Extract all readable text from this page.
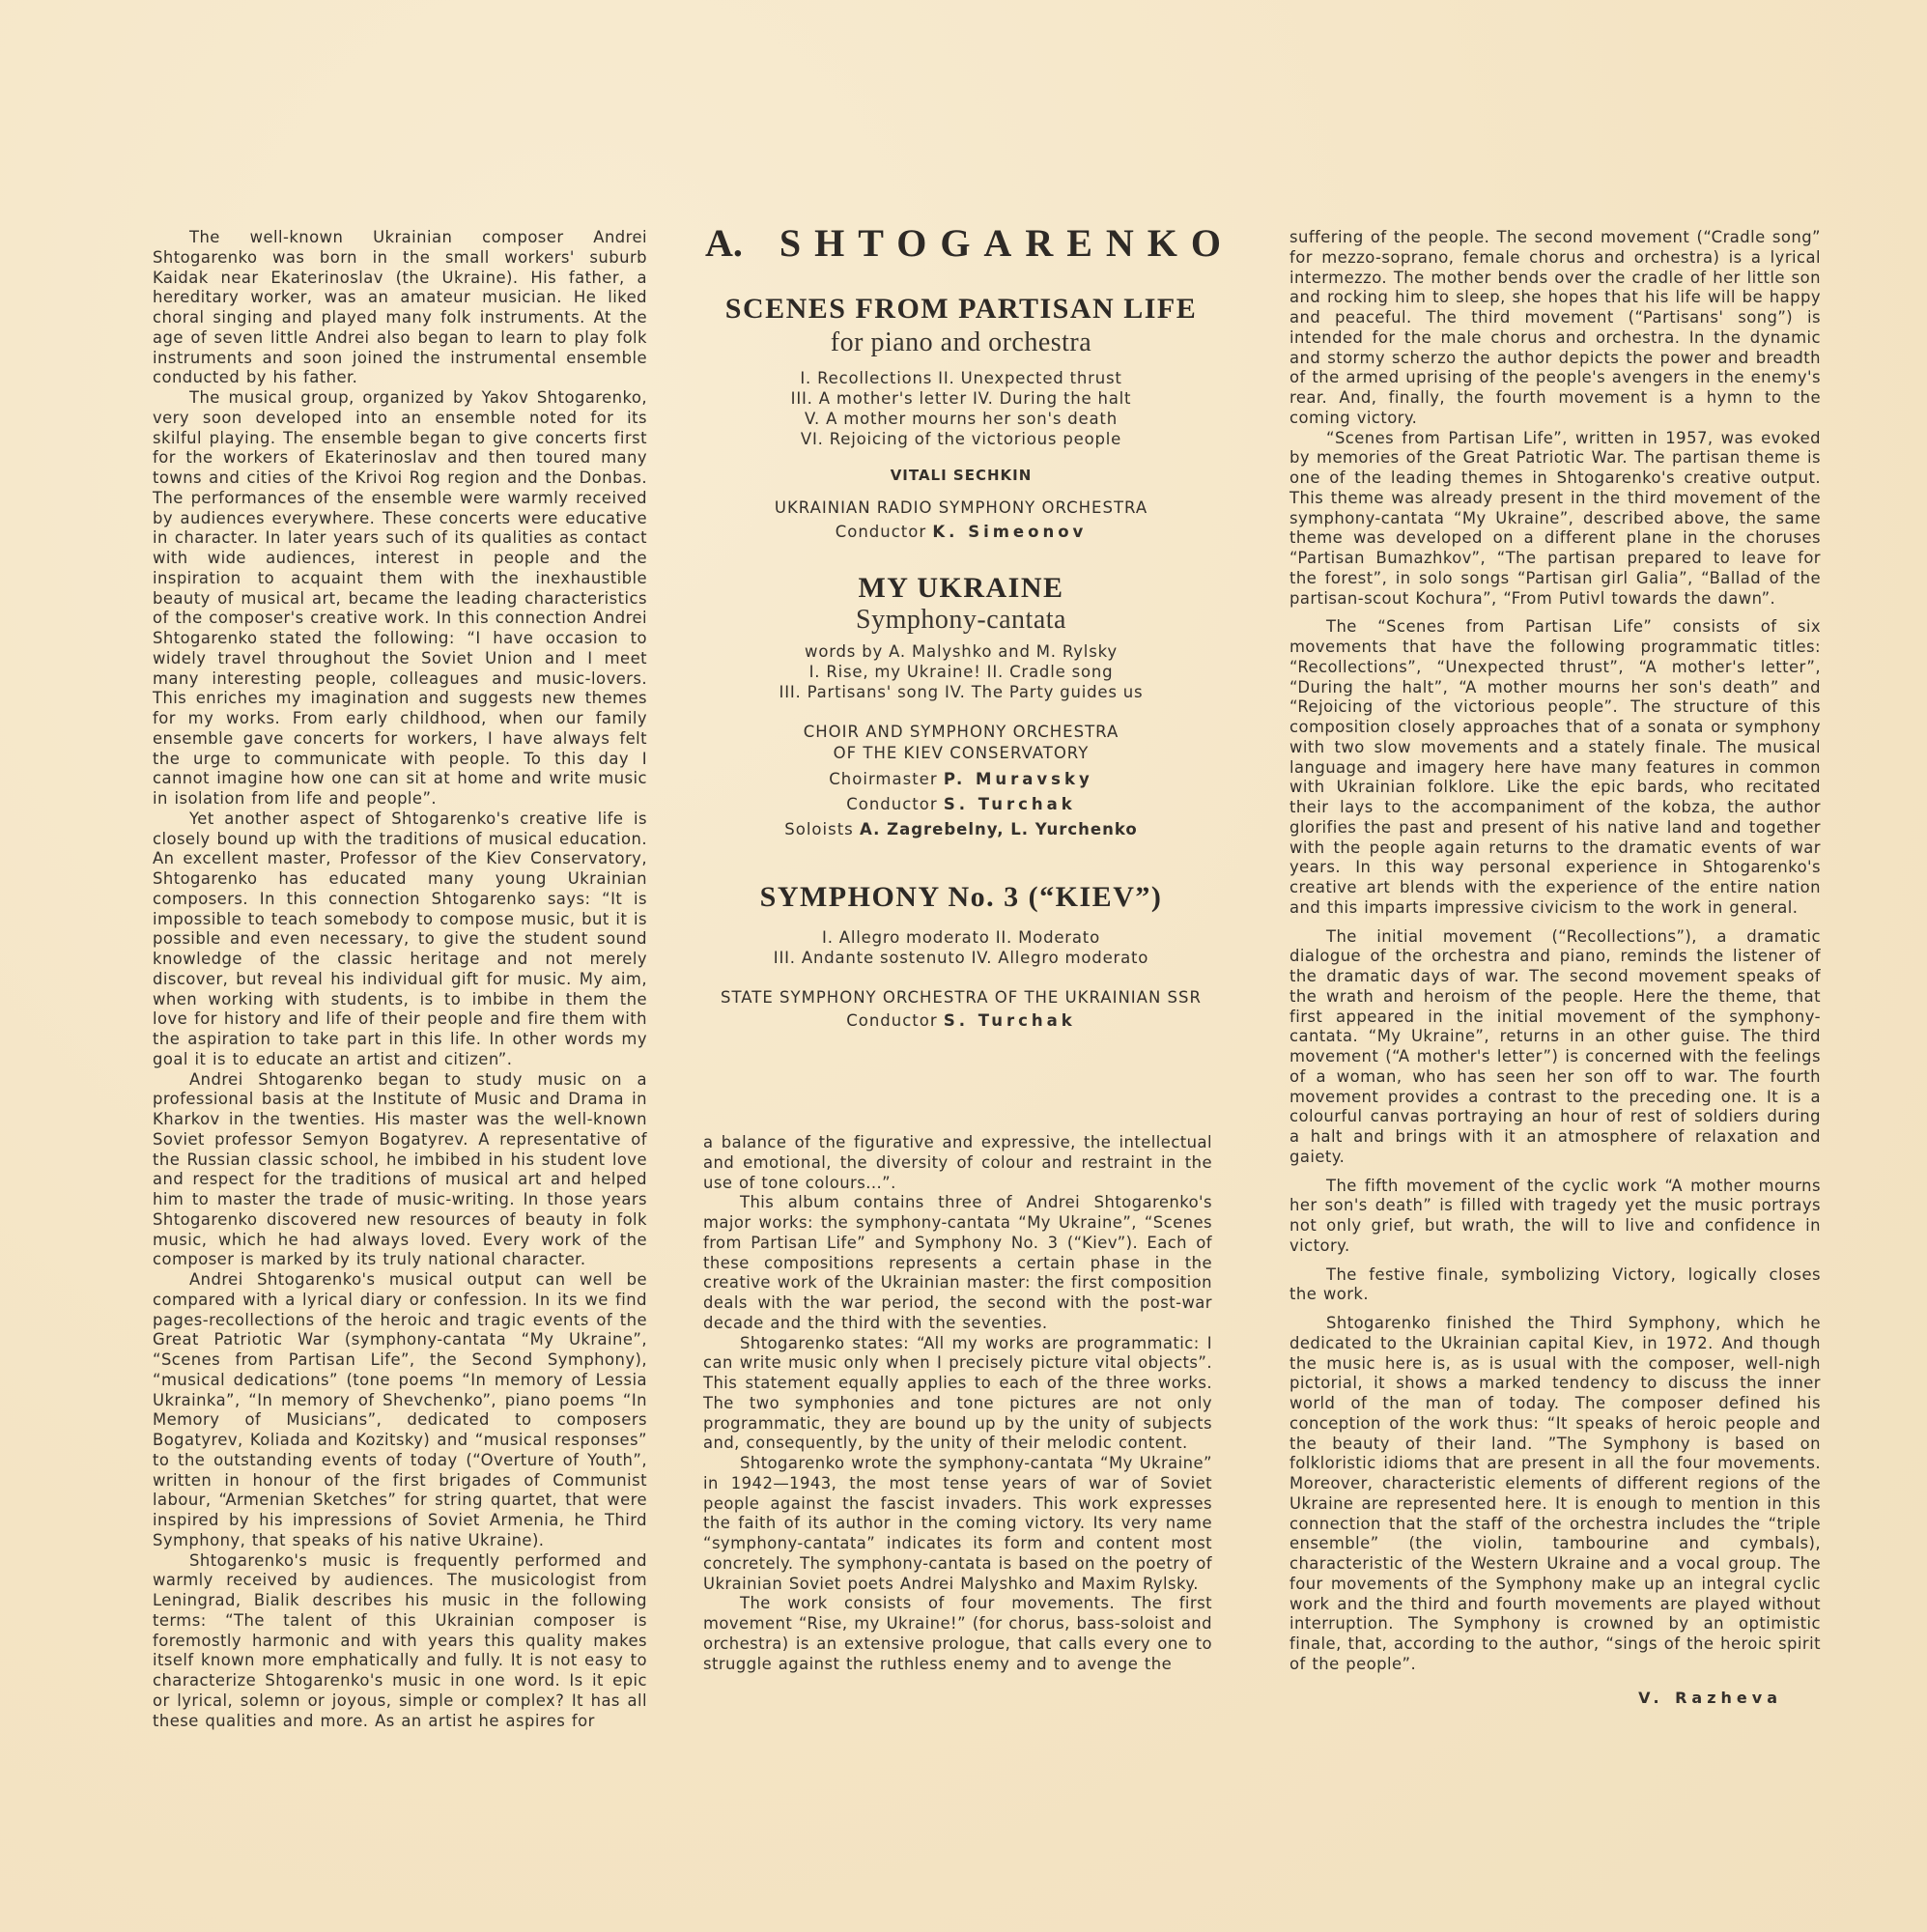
The well-known Ukrainian composer Andrei Shtogarenko was born in the small workers' suburb Kaidak near Ekaterinoslav (the Ukraine). His father, a hereditary worker, was an amateur musician. He liked choral singing and played many folk instruments. At the age of seven little Andrei also began to learn to play folk instruments and soon joined the instrumental ensemble conducted by his father.

The musical group, organized by Yakov Shtogarenko, very soon developed into an ensemble noted for its skilful playing. The ensemble began to give concerts first for the workers of Ekaterinoslav and then toured many towns and cities of the Krivoi Rog region and the Donbas. The performances of the ensemble were warmly received by audiences everywhere. These concerts were educative in character. In later years such of its qualities as contact with wide audiences, interest in people and the inspiration to acquaint them with the inexhaustible beauty of musical art, became the leading characteristics of the composer's creative work. In this connection Andrei Shtogarenko stated the following: “I have occasion to widely travel throughout the Soviet Union and I meet many interesting people, colleagues and music-lovers. This enriches my imagination and suggests new themes for my works. From early childhood, when our family ensemble gave concerts for workers, I have always felt the urge to communicate with people. To this day I cannot imagine how one can sit at home and write music in isolation from life and people”.

Yet another aspect of Shtogarenko's creative life is closely bound up with the traditions of musical education. An excellent master, Professor of the Kiev Conservatory, Shtogarenko has educated many young Ukrainian composers. In this connection Shtogarenko says: “It is impossible to teach somebody to compose music, but it is possible and even necessary, to give the student sound knowledge of the classic heritage and not merely discover, but reveal his individual gift for music. My aim, when working with students, is to imbibe in them the love for history and life of their people and fire them with the aspiration to take part in this life. In other words my goal it is to educate an artist and citizen”.

Andrei Shtogarenko began to study music on a professional basis at the Institute of Music and Drama in Kharkov in the twenties. His master was the well-known Soviet professor Semyon Bogatyrev. A representative of the Russian classic school, he imbibed in his student love and respect for the traditions of musical art and helped him to master the trade of music-writing. In those years Shtogarenko discovered new resources of beauty in folk music, which he had always loved. Every work of the composer is marked by its truly national character.

Andrei Shtogarenko's musical output can well be compared with a lyrical diary or confession. In its we find pages-recollections of the heroic and tragic events of the Great Patriotic War (symphony-cantata “My Ukraine”, “Scenes from Partisan Life”, the Second Symphony), “musical dedications” (tone poems “In memory of Lessia Ukrainka”, “In memory of Shevchenko”, piano poems “In Memory of Musicians”, dedicated to composers Bogatyrev, Koliada and Kozitsky) and “musical responses” to the outstanding events of today (“Overture of Youth”, written in honour of the first brigades of Communist labour, “Armenian Sketches” for string quartet, that were inspired by his impressions of Soviet Armenia, he Third Symphony, that speaks of his native Ukraine).

Shtogarenko's music is frequently performed and warmly received by audiences. The musicologist from Leningrad, Bialik describes his music in the following terms: “The talent of this Ukrainian composer is foremostly harmonic and with years this quality makes itself known more emphatically and fully. It is not easy to characterize Shtogarenko's music in one word. Is it epic or lyrical, solemn or joyous, simple or complex? It has all these qualities and more. As an artist he aspires for

A. SHTOGARENKO
SCENES FROM PARTISAN LIFE
for piano and orchestra
I. Recollections II. Unexpected thrust
III. A mother's letter IV. During the halt
V. A mother mourns her son's death
VI. Rejoicing of the victorious people
VITALI SECHKIN
UKRAINIAN RADIO SYMPHONY ORCHESTRA
Conductor K. Simeonov
MY UKRAINE
Symphony-cantata
words by A. Malyshko and M. Rylsky
I. Rise, my Ukraine! II. Cradle song
III. Partisans' song IV. The Party guides us
CHOIR AND SYMPHONY ORCHESTRA
OF THE KIEV CONSERVATORY
Choirmaster P. Muravsky
Conductor S. Turchak
Soloists A. Zagrebelny, L. Yurchenko
SYMPHONY No. 3 (“KIEV”)
I. Allegro moderato II. Moderato
III. Andante sostenuto IV. Allegro moderato
STATE SYMPHONY ORCHESTRA OF THE UKRAINIAN SSR
Conductor S. Turchak

a balance of the figurative and expressive, the intellectual and emotional, the diversity of colour and restraint in the use of tone colours...”.

This album contains three of Andrei Shtogarenko's major works: the symphony-cantata “My Ukraine”, “Scenes from Partisan Life” and Symphony No. 3 (“Kiev”). Each of these compositions represents a certain phase in the creative work of the Ukrainian master: the first composition deals with the war period, the second with the post-war decade and the third with the seventies.

Shtogarenko states: “All my works are programmatic: I can write music only when I precisely picture vital objects”. This statement equally applies to each of the three works. The two symphonies and tone pictures are not only programmatic, they are bound up by the unity of subjects and, consequently, by the unity of their melodic content.

Shtogarenko wrote the symphony-cantata “My Ukraine” in 1942—1943, the most tense years of war of Soviet people against the fascist invaders. This work expresses the faith of its author in the coming victory. Its very name “symphony-cantata” indicates its form and content most concretely. The symphony-cantata is based on the poetry of Ukrainian Soviet poets Andrei Malyshko and Maxim Rylsky.

The work consists of four movements. The first movement “Rise, my Ukraine!” (for chorus, bass-soloist and orchestra) is an extensive prologue, that calls every one to struggle against the ruthless enemy and to avenge the

suffering of the people. The second movement (“Cradle song” for mezzo-soprano, female chorus and orchestra) is a lyrical intermezzo. The mother bends over the cradle of her little son and rocking him to sleep, she hopes that his life will be happy and peaceful. The third movement (“Partisans' song”) is intended for the male chorus and orchestra. In the dynamic and stormy scherzo the author depicts the power and breadth of the armed uprising of the people's avengers in the enemy's rear. And, finally, the fourth movement is a hymn to the coming victory.

“Scenes from Partisan Life”, written in 1957, was evoked by memories of the Great Patriotic War. The partisan theme is one of the leading themes in Shtogarenko's creative output. This theme was already present in the third movement of the symphony-cantata “My Ukraine”, described above, the same theme was developed on a different plane in the choruses “Partisan Bumazhkov”, “The partisan prepared to leave for the forest”, in solo songs “Partisan girl Galia”, “Ballad of the partisan-scout Kochura”, “From Putivl towards the dawn”.

The “Scenes from Partisan Life” consists of six movements that have the following programmatic titles: “Recollections”, “Unexpected thrust”, “A mother's letter”, “During the halt”, “A mother mourns her son's death” and “Rejoicing of the victorious people”. The structure of this composition closely approaches that of a sonata or symphony with two slow movements and a stately finale. The musical language and imagery here have many features in common with Ukrainian folklore. Like the epic bards, who recitated their lays to the accompaniment of the kobza, the author glorifies the past and present of his native land and together with the people again returns to the dramatic events of war years. In this way personal experience in Shtogarenko's creative art blends with the experience of the entire nation and this imparts impressive civicism to the work in general.

The initial movement (“Recollections”), a dramatic dialogue of the orchestra and piano, reminds the listener of the dramatic days of war. The second movement speaks of the wrath and heroism of the people. Here the theme, that first appeared in the initial movement of the symphony-cantata. “My Ukraine”, returns in an other guise. The third movement (“A mother's letter”) is concerned with the feelings of a woman, who has seen her son off to war. The fourth movement provides a contrast to the preceding one. It is a colourful canvas portraying an hour of rest of soldiers during a halt and brings with it an atmosphere of relaxation and gaiety.

The fifth movement of the cyclic work “A mother mourns her son's death” is filled with tragedy yet the music portrays not only grief, but wrath, the will to live and confidence in victory.

The festive finale, symbolizing Victory, logically closes the work.

Shtogarenko finished the Third Symphony, which he dedicated to the Ukrainian capital Kiev, in 1972. And though the music here is, as is usual with the composer, well-nigh pictorial, it shows a marked tendency to discuss the inner world of the man of today. The composer defined his conception of the work thus: “It speaks of heroic people and the beauty of their land. ”The Symphony is based on folkloristic idioms that are present in all the four movements. Moreover, characteristic elements of different regions of the Ukraine are represented here. It is enough to mention in this connection that the staff of the orchestra includes the “triple ensemble” (the violin, tambourine and cymbals), characteristic of the Western Ukraine and a vocal group. The four movements of the Symphony make up an integral cyclic work and the third and fourth movements are played without interruption. The Symphony is crowned by an optimistic finale, that, according to the author, “sings of the heroic spirit of the people”.

V. Razheva
